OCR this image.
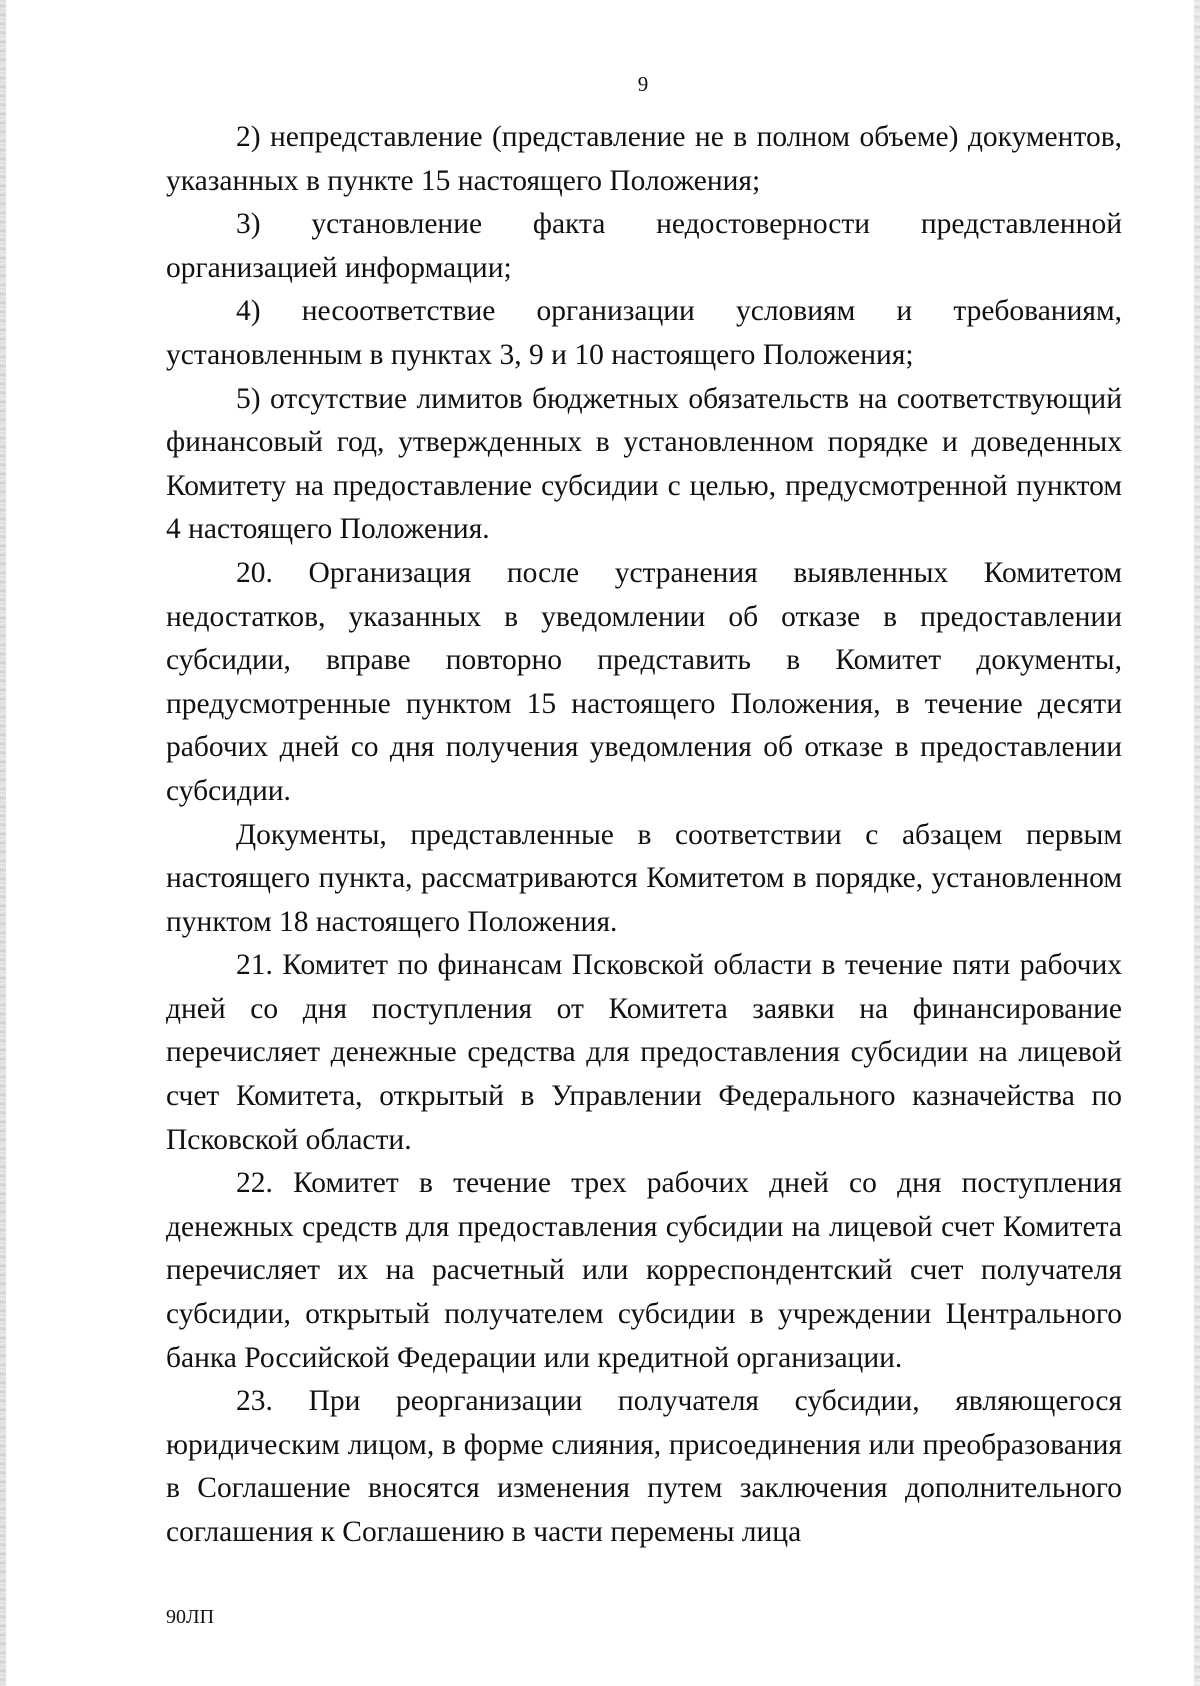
9

2) непредставление (представление не в полном объеме) документов, указанных в пункте 15 настоящего Положения;

3) установление факта недостоверности представленной организацией информации;

4) несоответствие организации условиям и требованиям, установленным в пунктах 3, 9 и 10 настоящего Положения;

5) отсутствие лимитов бюджетных обязательств на соответствующий финансовый год, утвержденных в установленном порядке и доведенных Комитету на предоставление субсидии с целью, предусмотренной пунктом 4 настоящего Положения.

20. Организация после устранения выявленных Комитетом недостатков, указанных в уведомлении об отказе в предоставлении субсидии, вправе повторно представить в Комитет документы, предусмотренные пунктом 15 настоящего Положения, в течение десяти рабочих дней со дня получения уведомления об отказе в предоставлении субсидии.

Документы, представленные в соответствии с абзацем первым настоящего пункта, рассматриваются Комитетом в порядке, установленном пунктом 18 настоящего Положения.

21. Комитет по финансам Псковской области в течение пяти рабочих дней со дня поступления от Комитета заявки на финансирование перечисляет денежные средства для предоставления субсидии на лицевой счет Комитета, открытый в Управлении Федерального казначейства по Псковской области.

22. Комитет в течение трех рабочих дней со дня поступления денежных средств для предоставления субсидии на лицевой счет Комитета перечисляет их на расчетный или корреспондентский счет получателя субсидии, открытый получателем субсидии в учреждении Центрального банка Российской Федерации или кредитной организации.

23. При реорганизации получателя субсидии, являющегося юридическим лицом, в форме слияния, присоединения или преобразования в Соглашение вносятся изменения путем заключения дополнительного соглашения к Соглашению в части перемены лица

90ЛП
